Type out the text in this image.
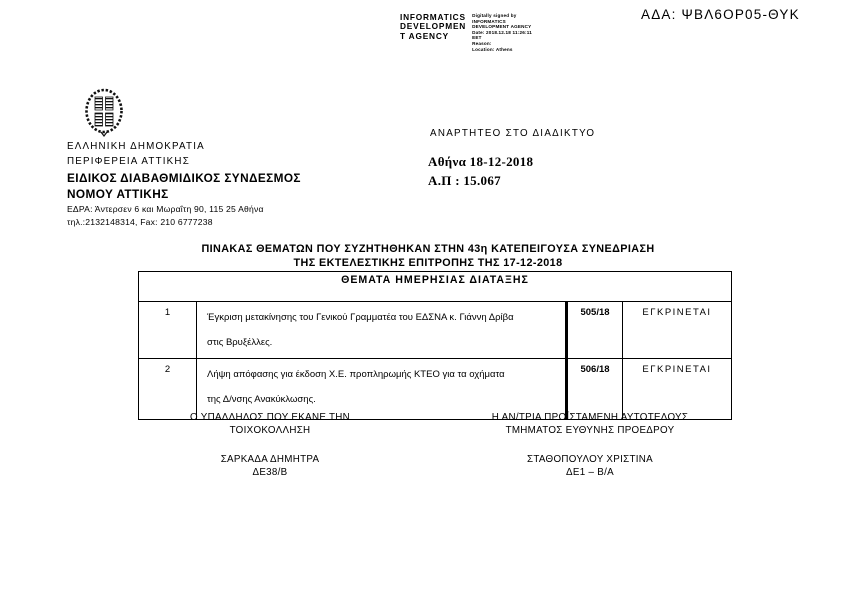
INFORMATICS
DEVELOPMEN
T AGENCY
Digitally signed by
INFORMATICS
DEVELOPMENT AGENCY
Date: 2018.12.18 11:26:11
EET
Reason:
Location: Athens
ΑΔΑ: ΨΒΛ6ΟΡ05-ΘΥΚ
ΕΛΛΗΝΙΚΗ ΔΗΜΟΚΡΑΤΙΑ
ΠΕΡΙΦΕΡΕΙΑ ΑΤΤΙΚΗΣ
ΕΙΔΙΚΟΣ ΔΙΑΒΑΘΜΙΔΙΚΟΣ ΣΥΝΔΕΣΜΟΣ
ΝΟΜΟΥ ΑΤΤΙΚΗΣ
ΕΔΡΑ: Άντερσεν 6 και Μωραΐτη 90, 115 25 Αθήνα
τηλ.:2132148314, Fax: 210 6777238
ΑΝΑΡΤΗΤΕΟ ΣΤΟ ΔΙΑΔΙΚΤΥΟ
Αθήνα 18-12-2018
Α.Π : 15.067
ΠΙΝΑΚΑΣ ΘΕΜΑΤΩΝ ΠΟΥ ΣΥΖΗΤΗΘΗΚΑΝ ΣΤΗΝ 43η ΚΑΤΕΠΕΙΓΟΥΣΑ ΣΥΝΕΔΡΙΑΣΗ
ΤΗΣ ΕΚΤΕΛΕΣΤΙΚΗΣ ΕΠΙΤΡΟΠΗΣ ΤΗΣ 17-12-2018
ΘΕΜΑΤΑ ΗΜΕΡΗΣΙΑΣ ΔΙΑΤΑΞΗΣ			
1	Έγκριση μετακίνησης του Γενικού Γραμματέα του ΕΔΣΝΑ κ. Γιάννη Δρίβα
στις Βρυξέλλες.	505/18	ΕΓΚΡΙΝΕΤΑΙ
2	Λήψη απόφασης για έκδοση Χ.Ε. προπληρωμής ΚΤΕΟ για τα οχήματα
της Δ/νσης Ανακύκλωσης.	506/18	ΕΓΚΡΙΝΕΤΑΙ
Ο ΥΠΑΛΛΗΛΟΣ ΠΟΥ ΕΚΑΝΕ ΤΗΝ
ΤΟΙΧΟΚΟΛΛΗΣΗ
ΣΑΡΚΑΔΑ ΔΗΜΗΤΡΑ
ΔΕ38/Β
Η ΑΝ/ΤΡΙΑ ΠΡΟΪΣΤΑΜΕΝΗ ΑΥΤΟΤΕΛΟΥΣ
ΤΜΗΜΑΤΟΣ ΕΥΘΥΝΗΣ ΠΡΟΕΔΡΟΥ
ΣΤΑΘΟΠΟΥΛΟΥ ΧΡΙΣΤΙΝΑ
ΔΕ1 – Β/Α
